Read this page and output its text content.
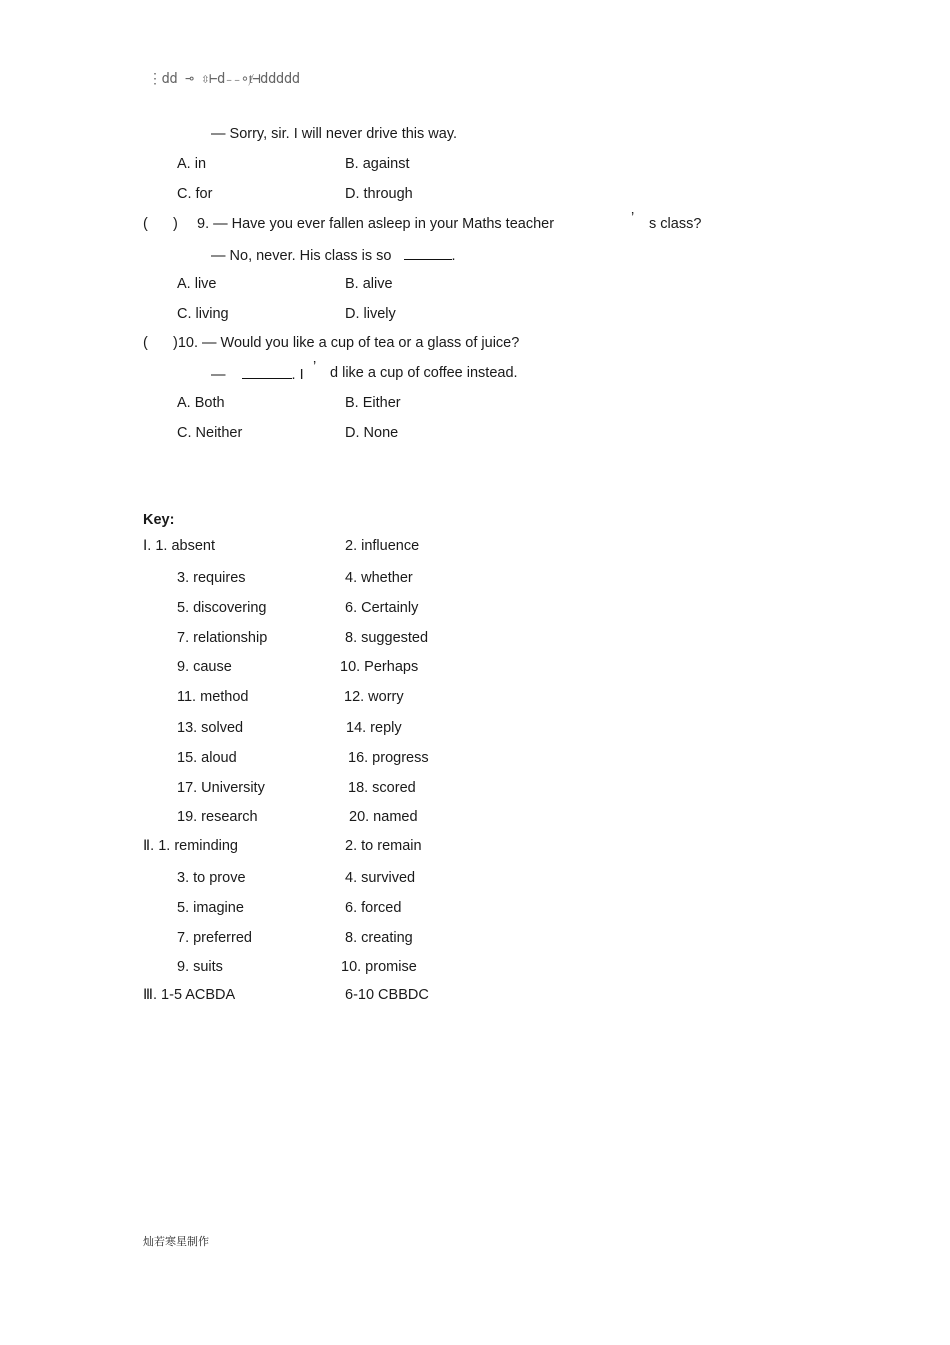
⋮dd ⊸ ⇳⊢d₋₋∘ⱦ⊣ddddd
— Sorry, sir. I will never drive this way.
A. in	B. against
C. for	D. through
( ) 9. — Have you ever fallen asleep in your Maths teacher	’ s class?
— No, never. His class is so	.
A. live	B. alive
C. living	D. lively
( )10. — Would you like a cup of tea or a glass of juice?
—	. I ’ d like a cup of coffee instead.
A. Both	B. Either
C. Neither	D. None
Key:
Ⅰ. 1. absent	2. influence
3. requires	4. whether
5. discovering	6. Certainly
7. relationship	8. suggested
9. cause	10. Perhaps
11. method	12. worry
13. solved	14. reply
15. aloud	16. progress
17. University	18. scored
19. research	20. named
Ⅱ. 1. reminding	2. to remain
3. to prove	4. survived
5. imagine	6. forced
7. preferred	8. creating
9. suits	10. promise
Ⅲ. 1-5 ACBDA	6-10 CBBDC
灿若寒星制作
